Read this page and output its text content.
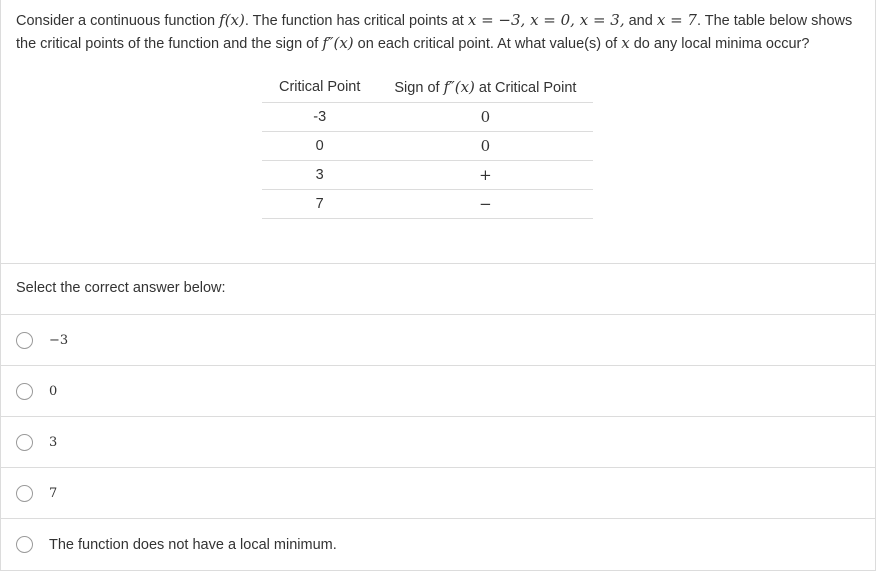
Consider a continuous function f(x). The function has critical points at x = −3, x = 0, x = 3, and x = 7. The table below shows the critical points of the function and the sign of f″(x) on each critical point. At what value(s) of x do any local minima occur?
Critical Point	Sign of f″(x) at Critical Point
-3	0
0	0
3	+
7	−
Select the correct answer below:
−3
0
3
7
The function does not have a local minimum.
